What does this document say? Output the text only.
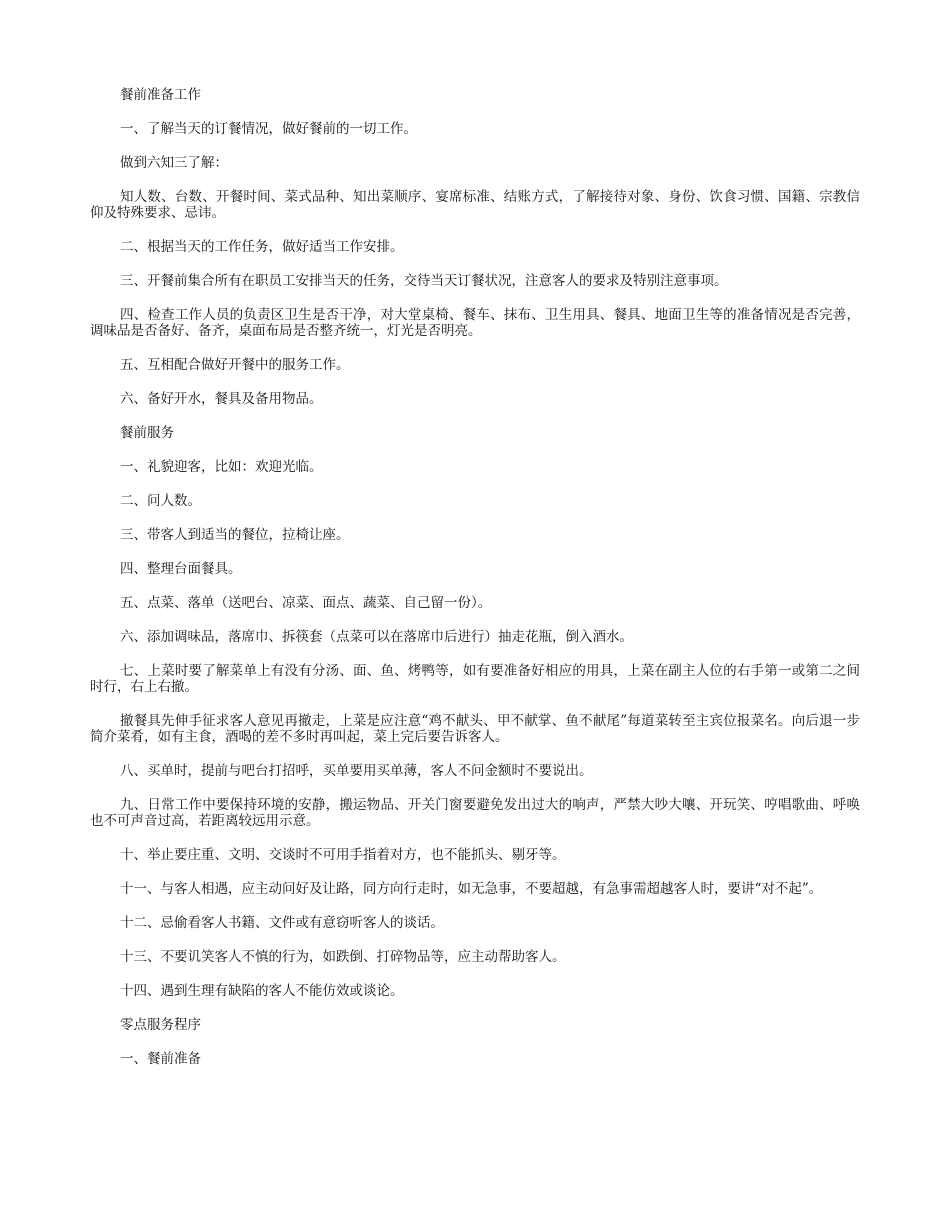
餐前准备工作

一、了解当天的订餐情况，做好餐前的一切工作。

做到六知三了解：

知人数、台数、开餐时间、菜式品种、知出菜顺序、宴席标准、结账方式，了解接待对象、身份、饮食习惯、国籍、宗教信仰及特殊要求、忌讳。

二、根据当天的工作任务，做好适当工作安排。

三、开餐前集合所有在职员工安排当天的任务，交待当天订餐状况，注意客人的要求及特别注意事项。

四、检查工作人员的负责区卫生是否干净，对大堂桌椅、餐车、抹布、卫生用具、餐具、地面卫生等的准备情况是否完善，调味品是否备好、备齐，桌面布局是否整齐统一，灯光是否明亮。

五、互相配合做好开餐中的服务工作。

六、备好开水，餐具及备用物品。

餐前服务

一、礼貌迎客，比如：欢迎光临。

二、问人数。

三、带客人到适当的餐位，拉椅让座。

四、整理台面餐具。

五、点菜、落单（送吧台、凉菜、面点、蔬菜、自己留一份）。

六、添加调味品，落席巾、拆筷套（点菜可以在落席巾后进行）抽走花瓶，倒入酒水。

七、上菜时要了解菜单上有没有分汤、面、鱼、烤鸭等，如有要准备好相应的用具，上菜在副主人位的右手第一或第二之间时行，右上右撤。

撤餐具先伸手征求客人意见再撤走，上菜是应注意“鸡不献头、甲不献掌、鱼不献尾”每道菜转至主宾位报菜名。向后退一步简介菜肴，如有主食，酒喝的差不多时再叫起，菜上完后要告诉客人。

八、买单时，提前与吧台打招呼，买单要用买单薄，客人不问金额时不要说出。

九、日常工作中要保持环境的安静，搬运物品、开关门窗要避免发出过大的响声，严禁大吵大嚷、开玩笑、哼唱歌曲、呼唤也不可声音过高，若距离较远用示意。

十、举止要庄重、文明、交谈时不可用手指着对方，也不能抓头、剔牙等。

十一、与客人相遇，应主动问好及让路，同方向行走时，如无急事，不要超越，有急事需超越客人时，要讲“对不起”。

十二、忌偷看客人书籍、文件或有意窃听客人的谈话。

十三、不要讥笑客人不慎的行为，如跌倒、打碎物品等，应主动帮助客人。

十四、遇到生理有缺陷的客人不能仿效或谈论。

零点服务程序

一、餐前准备
